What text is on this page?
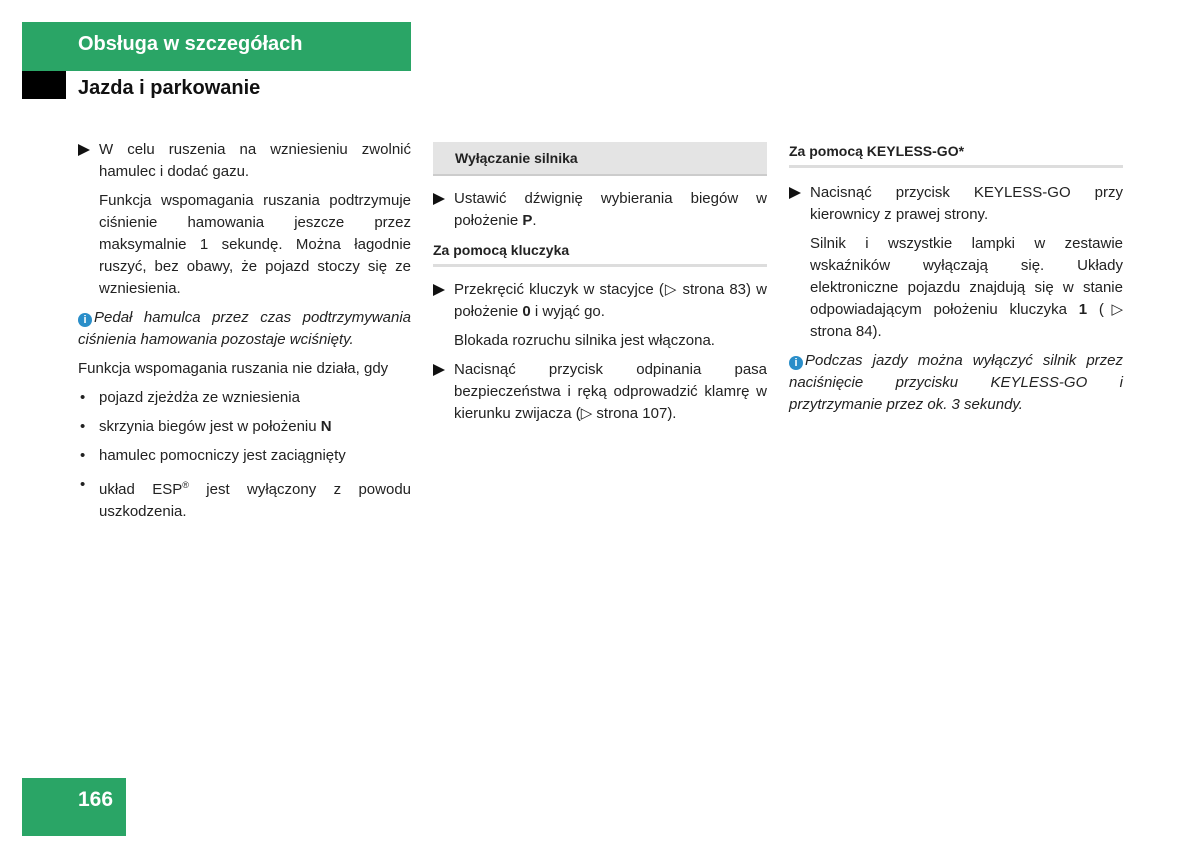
Obsługa w szczegółach
Jazda i parkowanie

W celu ruszenia na wzniesieniu zwolnić hamulec i dodać gazu.

Funkcja wspomagania ruszania podtrzymuje ciśnienie hamowania jeszcze przez maksymalnie 1 sekundę. Można łagodnie ruszyć, bez obawy, że pojazd stoczy się ze wzniesienia.

i Pedał hamulca przez czas podtrzymywania ciśnienia hamowania pozostaje wciśnięty.

Funkcja wspomagania ruszania nie działa, gdy

• pojazd zjeżdża ze wzniesienia

• skrzynia biegów jest w położeniu N

• hamulec pomocniczy jest zaciągnięty

• układ ESP® jest wyłączony z powodu uszkodzenia.

Wyłączanie silnika

Ustawić dźwignię wybierania biegów w położenie P.

Za pomocą kluczyka

Przekręcić kluczyk w stacyjce (▷ strona 83) w położenie 0 i wyjąć go.

Blokada rozruchu silnika jest włączona.

Nacisnąć przycisk odpinania pasa bezpieczeństwa i ręką odprowadzić klamrę w kierunku zwijacza (▷ strona 107).

Za pomocą KEYLESS-GO*

Nacisnąć przycisk KEYLESS-GO przy kierownicy z prawej strony.

Silnik i wszystkie lampki w zestawie wskaźników wyłączają się. Układy elektroniczne pojazdu znajdują się w stanie odpowiadającym położeniu kluczyka 1 (▷ strona 84).

i Podczas jazdy można wyłączyć silnik przez naciśnięcie przycisku KEYLESS-GO i przytrzymanie przez ok. 3 sekundy.

166
